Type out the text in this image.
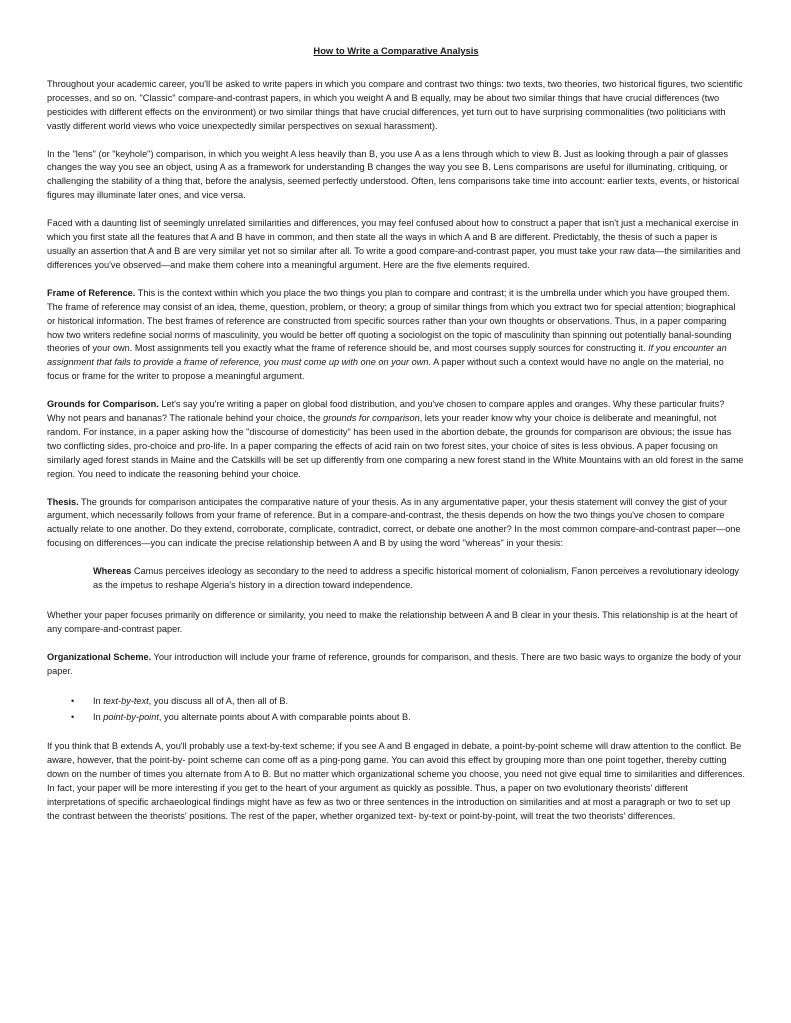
How to Write a Comparative Analysis

Throughout your academic career, you'll be asked to write papers in which you compare and contrast two things: two texts, two theories, two historical figures, two scientific processes, and so on. "Classic" compare-and-contrast papers, in which you weight A and B equally, may be about two similar things that have crucial differences (two pesticides with different effects on the environment) or two similar things that have crucial differences, yet turn out to have surprising commonalities (two politicians with vastly different world views who voice unexpectedly similar perspectives on sexual harassment).

In the "lens" (or "keyhole") comparison, in which you weight A less heavily than B, you use A as a lens through which to view B. Just as looking through a pair of glasses changes the way you see an object, using A as a framework for understanding B changes the way you see B. Lens comparisons are useful for illuminating, critiquing, or challenging the stability of a thing that, before the analysis, seemed perfectly understood. Often, lens comparisons take time into account: earlier texts, events, or historical figures may illuminate later ones, and vice versa.

Faced with a daunting list of seemingly unrelated similarities and differences, you may feel confused about how to construct a paper that isn't just a mechanical exercise in which you first state all the features that A and B have in common, and then state all the ways in which A and B are different. Predictably, the thesis of such a paper is usually an assertion that A and B are very similar yet not so similar after all. To write a good compare-and-contrast paper, you must take your raw data—the similarities and differences you've observed—and make them cohere into a meaningful argument. Here are the five elements required.

Frame of Reference. This is the context within which you place the two things you plan to compare and contrast; it is the umbrella under which you have grouped them. The frame of reference may consist of an idea, theme, question, problem, or theory; a group of similar things from which you extract two for special attention; biographical or historical information. The best frames of reference are constructed from specific sources rather than your own thoughts or observations. Thus, in a paper comparing how two writers redefine social norms of masculinity, you would be better off quoting a sociologist on the topic of masculinity than spinning out potentially banal-sounding theories of your own. Most assignments tell you exactly what the frame of reference should be, and most courses supply sources for constructing it. If you encounter an assignment that fails to provide a frame of reference, you must come up with one on your own. A paper without such a context would have no angle on the material, no focus or frame for the writer to propose a meaningful argument.

Grounds for Comparison. Let's say you're writing a paper on global food distribution, and you've chosen to compare apples and oranges. Why these particular fruits? Why not pears and bananas? The rationale behind your choice, the grounds for comparison, lets your reader know why your choice is deliberate and meaningful, not random. For instance, in a paper asking how the "discourse of domesticity" has been used in the abortion debate, the grounds for comparison are obvious; the issue has two conflicting sides, pro-choice and pro-life. In a paper comparing the effects of acid rain on two forest sites, your choice of sites is less obvious. A paper focusing on similarly aged forest stands in Maine and the Catskills will be set up differently from one comparing a new forest stand in the White Mountains with an old forest in the same region. You need to indicate the reasoning behind your choice.

Thesis. The grounds for comparison anticipates the comparative nature of your thesis. As in any argumentative paper, your thesis statement will convey the gist of your argument, which necessarily follows from your frame of reference. But in a compare-and-contrast, the thesis depends on how the two things you've chosen to compare actually relate to one another. Do they extend, corroborate, complicate, contradict, correct, or debate one another? In the most common compare-and-contrast paper—one focusing on differences—you can indicate the precise relationship between A and B by using the word "whereas" in your thesis:

Whereas Camus perceives ideology as secondary to the need to address a specific historical moment of colonialism, Fanon perceives a revolutionary ideology as the impetus to reshape Algeria's history in a direction toward independence.

Whether your paper focuses primarily on difference or similarity, you need to make the relationship between A and B clear in your thesis. This relationship is at the heart of any compare-and-contrast paper.

Organizational Scheme. Your introduction will include your frame of reference, grounds for comparison, and thesis. There are two basic ways to organize the body of your paper.

• In text-by-text, you discuss all of A, then all of B.
• In point-by-point, you alternate points about A with comparable points about B.

If you think that B extends A, you'll probably use a text-by-text scheme; if you see A and B engaged in debate, a point-by-point scheme will draw attention to the conflict. Be aware, however, that the point-by- point scheme can come off as a ping-pong game. You can avoid this effect by grouping more than one point together, thereby cutting down on the number of times you alternate from A to B. But no matter which organizational scheme you choose, you need not give equal time to similarities and differences. In fact, your paper will be more interesting if you get to the heart of your argument as quickly as possible. Thus, a paper on two evolutionary theorists' different interpretations of specific archaeological findings might have as few as two or three sentences in the introduction on similarities and at most a paragraph or two to set up the contrast between the theorists' positions. The rest of the paper, whether organized text- by-text or point-by-point, will treat the two theorists' differences.
